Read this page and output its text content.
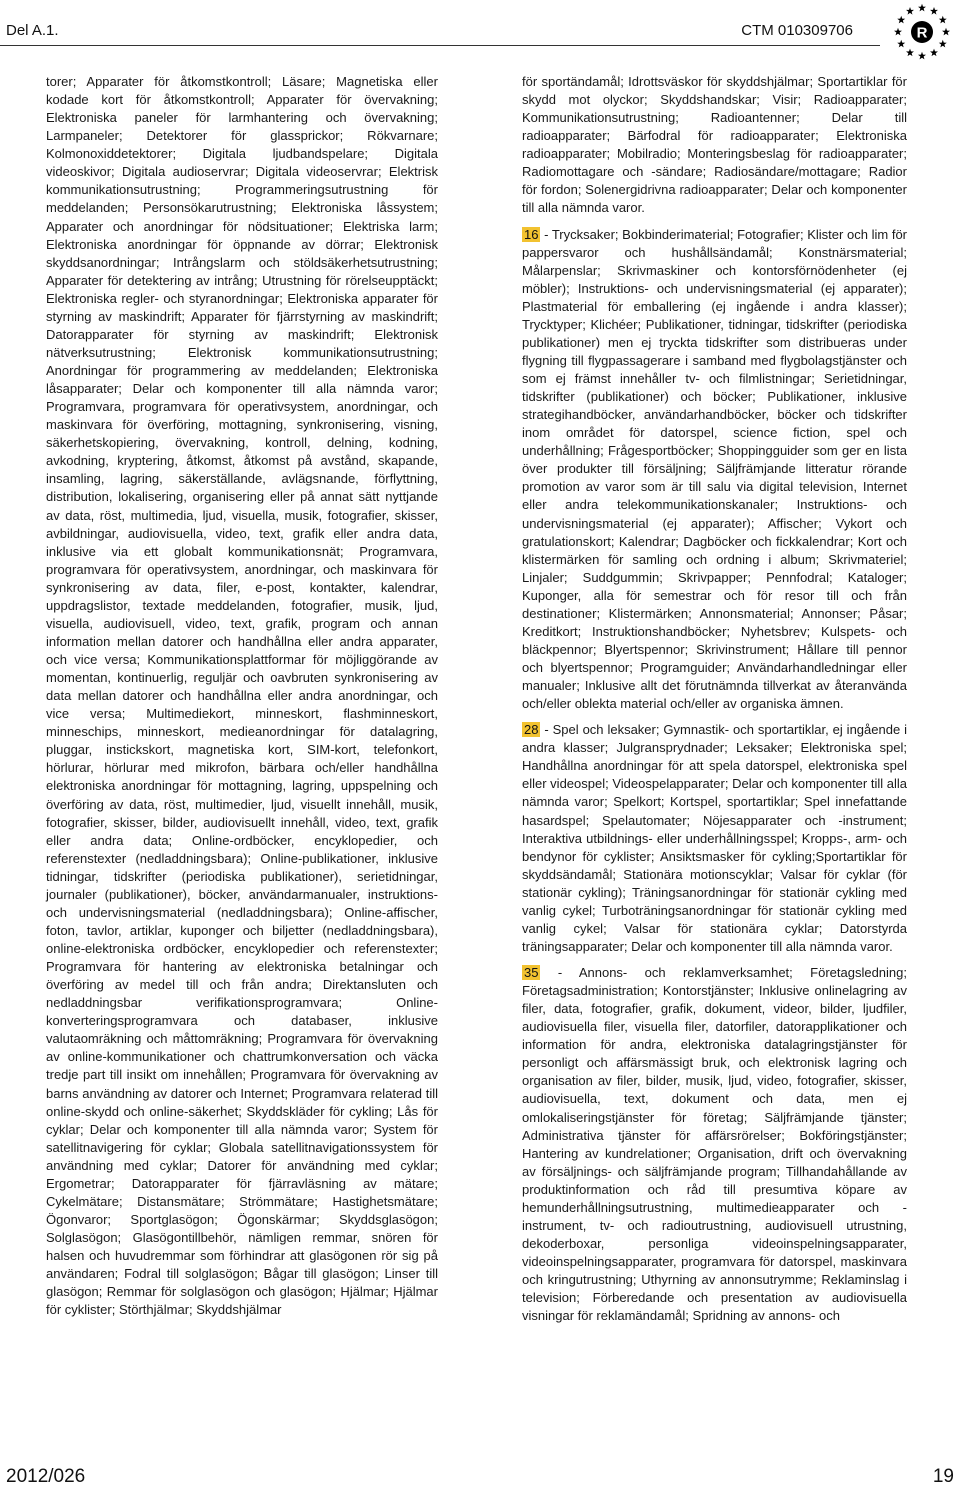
Del A.1.	CTM 010309706	R

torer; Apparater för åtkomstkontroll; Läsare; Magnetiska eller kodade kort för åtkomstkontroll; Apparater för övervakning; Elektroniska paneler för larmhantering och övervakning; Larmpaneler; Detektorer för glassprickor; Rökvarnare; Kolmonoxiddetektorer; Digitala ljudbandspelare; Digitala videoskivor; Digitala audioservrar; Digitala videoservrar; Elektrisk kommunikationsutrustning; Programmeringsutrustning för meddelanden; Personsökarutrustning; Elektroniska låssystem; Apparater och anordningar för nödsituationer; Elektriska larm; Elektroniska anordningar för öppnande av dörrar; Elektronisk skyddsanordningar; Intrångslarm och stöldsäkerhetsutrustning; Apparater för detektering av intrång; Utrustning för rörelseupptäckt; Elektroniska regler- och styranordningar; Elektroniska apparater för styrning av maskindrift; Apparater för fjärrstyrning av maskindrift; Datorapparater för styrning av maskindrift; Elektronisk nätverksutrustning; Elektronisk kommunikationsutrustning; Anordningar för programmering av meddelanden; Elektroniska låsapparater; Delar och komponenter till alla nämnda varor; Programvara, programvara för operativsystem, anordningar, och maskinvara för överföring, mottagning, synkronisering, visning, säkerhetskopiering, övervakning, kontroll, delning, kodning, avkodning, kryptering, åtkomst, åtkomst på avstånd, skapande, insamling, lagring, säkerställande, avlägsnande, förflyttning, distribution, lokalisering, organisering eller på annat sätt nyttjande av data, röst, multimedia, ljud, visuella, musik, fotografier, skisser, avbildningar, audiovisuella, video, text, grafik eller andra data, inklusive via ett globalt kommunikationsnät; Programvara, programvara för operativsystem, anordningar, och maskinvara för synkronisering av data, filer, e-post, kontakter, kalendrar, uppdragslistor, textade meddelanden, fotografier, musik, ljud, visuella, audiovisuell, video, text, grafik, program och annan information mellan datorer och handhållna eller andra apparater, och vice versa; Kommunikationsplattformar för möjliggörande av momentan, kontinuerlig, reguljär och oavbruten synkronisering av data mellan datorer och handhållna eller andra anordningar, och vice versa; Multimediekort, minneskort, flashminneskort, minneschips, minneskort, medieanordningar för datalagring, pluggar, instickskort, magnetiska kort, SIM-kort, telefonkort, hörlurar, hörlurar med mikrofon, bärbara och/eller handhållna elektroniska anordningar för mottagning, lagring, uppspelning och överföring av data, röst, multimedier, ljud, visuellt innehåll, musik, fotografier, skisser, bilder, audiovisuellt innehåll, video, text, grafik eller andra data; Online-ordböcker, encyklopedier, och referenstexter (nedladdningsbara); Online-publikationer, inklusive tidningar, tidskrifter (periodiska publikationer), serietidningar, journaler (publikationer), böcker, användarmanualer, instruktions- och undervisningsmaterial (nedladdningsbara); Online-affischer, foton, tavlor, artiklar, kuponger och biljetter (nedladdningsbara), online-elektroniska ordböcker, encyklopedier och referenstexter; Programvara för hantering av elektroniska betalningar och överföring av medel till och från andra; Direktansluten och nedladdningsbar verifikationsprogramvara; Online-konverteringsprogramvara och databaser, inklusive valutaomräkning och måttomräkning; Programvara för övervakning av online-kommunikationer och chattrumkonversation och väcka tredje part till insikt om innehållen; Programvara för övervakning av barns användning av datorer och Internet; Programvara relaterad till online-skydd och online-säkerhet; Skyddskläder för cykling; Lås för cyklar; Delar och komponenter till alla nämnda varor; System för satellitnavigering för cyklar; Globala satellitnavigationssystem för användning med cyklar; Datorer för användning med cyklar; Ergometrar; Datorapparater för fjärravläsning av mätare; Cykelmätare; Distansmätare; Strömmätare; Hastighetsmätare; Ögonvaror; Sportglasögon; Ögonskärmar; Skyddsglasögon; Solglasögon; Glasögontillbehör, nämligen remmar, snören för halsen och huvudremmar som förhindrar att glasögonen rör sig på användaren; Fodral till solglasögon; Bågar till glasögon; Linser till glasögon; Remmar för solglasögon och glasögon; Hjälmar; Hjälmar för cyklister; Störthjälmar; Skyddshjälmar

för sportändamål; Idrottsväskor för skyddshjälmar; Sportartiklar för skydd mot olyckor; Skyddshandskar; Visir; Radioapparater; Kommunikationsutrustning; Radioantenner; Delar till radioapparater; Bärfodral för radioapparater; Elektroniska radioapparater; Mobilradio; Monteringsbeslag för radioapparater; Radiomottagare och -sändare; Radiosändare/mottagare; Radior för fordon; Solenergidrivna radioapparater; Delar och komponenter till alla nämnda varor.

16 - Trycksaker; Bokbinderimaterial; Fotografier; Klister och lim för pappersvaror och hushållsändamål; Konstnärsmaterial; Målarpenslar; Skrivmaskiner och kontorsförnödenheter (ej möbler); Instruktions- och undervisningsmaterial (ej apparater); Plastmaterial för emballering (ej ingående i andra klasser); Trycktyper; Klichéer; Publikationer, tidningar, tidskrifter (periodiska publikationer) men ej tryckta tidskrifter som distribueras under flygning till flygpassagerare i samband med flygbolagstjänster och som ej främst innehåller tv- och filmlistningar; Serietidningar, tidskrifter (publikationer) och böcker; Publikationer, inklusive strategihandböcker, användarhandböcker, böcker och tidskrifter inom området för datorspel, science fiction, spel och underhållning; Frågesportböcker; Shoppingguider som ger en lista över produkter till försäljning; Säljfrämjande litteratur rörande promotion av varor som är till salu via digital television, Internet eller andra telekommunikationskanaler; Instruktions- och undervisningsmaterial (ej apparater); Affischer; Vykort och gratulationskort; Kalendrar; Dagböcker och fickkalendrar; Kort och klistermärken för samling och ordning i album; Skrivmateriel; Linjaler; Suddgummin; Skrivpapper; Pennfodral; Kataloger; Kuponger, alla för semestrar och för resor till och från destinationer; Klistermärken; Annonsmaterial; Annonser; Påsar; Kreditkort; Instruktionshandböcker; Nyhetsbrev; Kulspets- och bläckpennor; Blyertspennor; Skrivinstrument; Hållare till pennor och blyertspennor; Programguider; Användarhandledningar eller manualer; Inklusive allt det förutnämnda tillverkat av återanvända och/eller oblekta material och/eller av organiska ämnen.

28 - Spel och leksaker; Gymnastik- och sportartiklar, ej ingående i andra klasser; Julgransprydnader; Leksaker; Elektroniska spel; Handhållna anordningar för att spela datorspel, elektroniska spel eller videospel; Videospelapparater; Delar och komponenter till alla nämnda varor; Spelkort; Kortspel, sportartiklar; Spel innefattande hasardspel; Spelautomater; Nöjesapparater och -instrument; Interaktiva utbildnings- eller underhållningsspel; Kropps-, arm- och bendynor för cyklister; Ansiktsmasker för cykling;Sportartiklar för skyddsändamål; Stationära motionscyklar; Valsar för cyklar (för stationär cykling); Träningsanordningar för stationär cykling med vanlig cykel; Turboträningsanordningar för stationär cykling med vanlig cykel; Valsar för stationära cyklar; Datorstyrda träningsapparater; Delar och komponenter till alla nämnda varor.

35 - Annons- och reklamverksamhet; Företagsledning; Företagsadministration; Kontorstjänster; Inklusive onlinelagring av filer, data, fotografier, grafik, dokument, videor, bilder, ljudfiler, audiovisuella filer, visuella filer, datorfiler, datorapplikationer och information för andra, elektroniska datalagringstjänster för personligt och affärsmässigt bruk, och elektronisk lagring och organisation av filer, bilder, musik, ljud, video, fotografier, skisser, audiovisuella, text, dokument och data, men ej omlokaliseringstjänster för företag; Säljfrämjande tjänster; Administrativa tjänster för affärsrörelser; Bokföringstjänster; Hantering av kundrelationer; Organisation, drift och övervakning av försäljnings- och säljfrämjande program; Tillhandahållande av produktinformation och råd till presumtiva köpare av hemunderhållningsutrustning, multimedieapparater och -instrument, tv- och radioutrustning, audiovisuell utrustning, dekoderboxar, personliga videoinspelningsapparater, videoinspelningsapparater, programvara för datorspel, maskinvara och kringutrustning; Uthyrning av annonsutrymme; Reklaminslag i television; Förberedande och presentation av audiovisuella visningar för reklamändamål; Spridning av annons- och

2012/026	19
